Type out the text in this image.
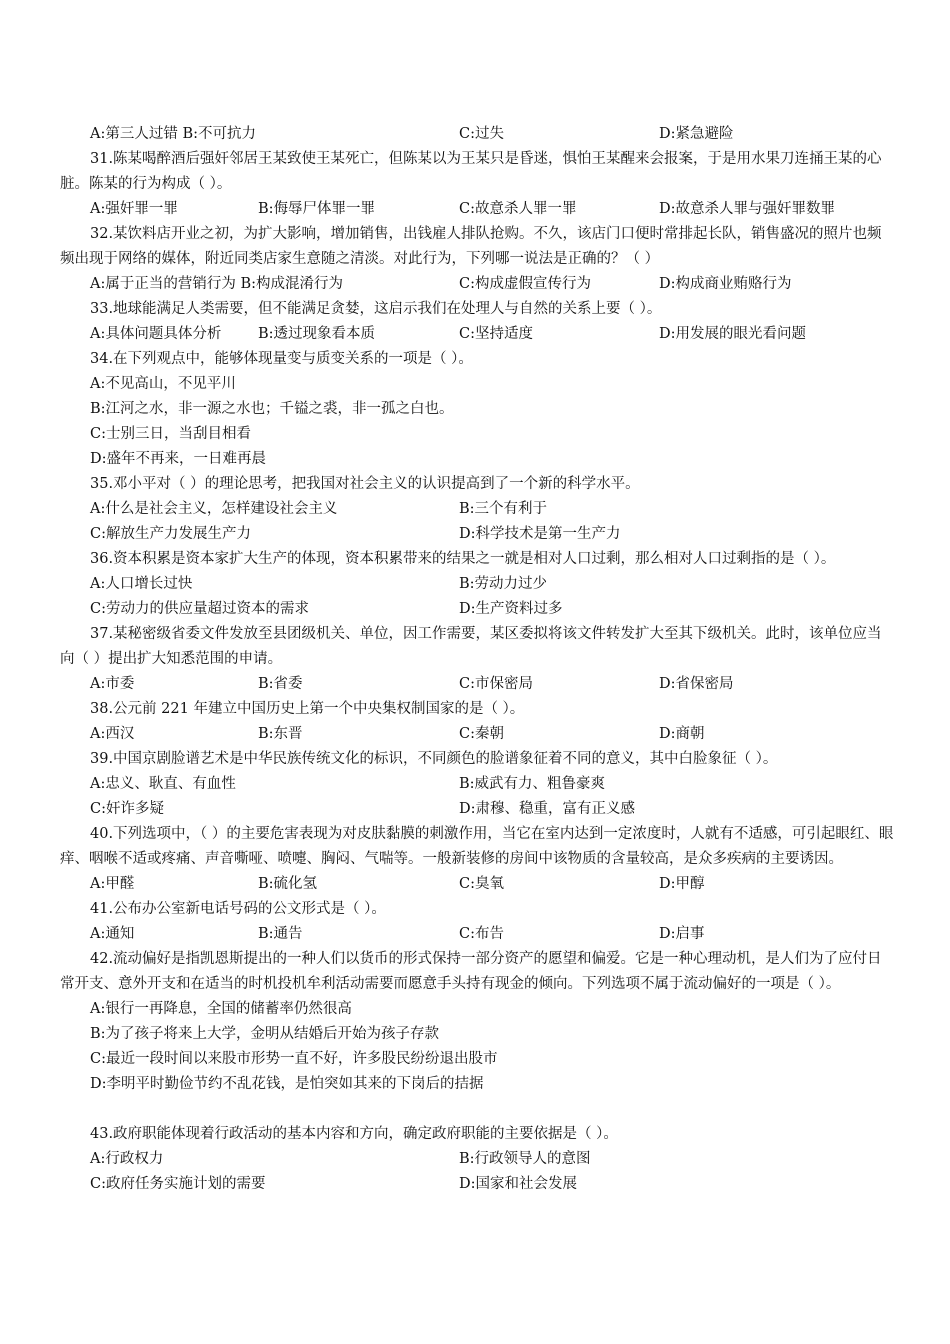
A:第三人过错 B:不可抗力	C:过失	D:紧急避险

31.陈某喝醉酒后强奸邻居王某致使王某死亡，但陈某以为王某只是昏迷，惧怕王某醒来会报案，于是用水果刀连捅王某的心脏。陈某的行为构成（ ）。

A:强奸罪一罪	B:侮辱尸体罪一罪	C:故意杀人罪一罪	D:故意杀人罪与强奸罪数罪

32.某饮料店开业之初，为扩大影响，增加销售，出钱雇人排队抢购。不久，该店门口便时常排起长队，销售盛况的照片也频频出现于网络的媒体，附近同类店家生意随之清淡。对此行为，下列哪一说法是正确的？（ ）

A:属于正当的营销行为 B:构成混淆行为	C:构成虚假宣传行为	D:构成商业贿赂行为

33.地球能满足人类需要，但不能满足贪婪，这启示我们在处理人与自然的关系上要（ ）。

A:具体问题具体分析	B:透过现象看本质	C:坚持适度	D:用发展的眼光看问题

34.在下列观点中，能够体现量变与质变关系的一项是（ ）。

A:不见高山，不见平川

B:江河之水，非一源之水也；千镒之裘，非一孤之白也。

C:士别三日，当刮目相看

D:盛年不再来，一日难再晨

35.邓小平对（ ）的理论思考，把我国对社会主义的认识提高到了一个新的科学水平。

A:什么是社会主义，怎样建设社会主义	B:三个有利于
C:解放生产力发展生产力	D:科学技术是第一生产力

36.资本积累是资本家扩大生产的体现，资本积累带来的结果之一就是相对人口过剩，那么相对人口过剩指的是（ ）。

A:人口增长过快	B:劳动力过少
C:劳动力的供应量超过资本的需求	D:生产资料过多

37.某秘密级省委文件发放至县团级机关、单位，因工作需要，某区委拟将该文件转发扩大至其下级机关。此时，该单位应当向（ ）提出扩大知悉范围的申请。

A:市委	B:省委	C:市保密局	D:省保密局

38.公元前 221 年建立中国历史上第一个中央集权制国家的是（ ）。

A:西汉	B:东晋	C:秦朝	D:商朝

39.中国京剧脸谱艺术是中华民族传统文化的标识，不同颜色的脸谱象征着不同的意义，其中白脸象征（ ）。

A:忠义、耿直、有血性	B:威武有力、粗鲁豪爽
C:奸诈多疑	D:肃穆、稳重，富有正义感

40.下列选项中，（ ）的主要危害表现为对皮肤黏膜的刺激作用，当它在室内达到一定浓度时，人就有不适感，可引起眼红、眼痒、咽喉不适或疼痛、声音嘶哑、喷嚏、胸闷、气喘等。一般新装修的房间中该物质的含量较高，是众多疾病的主要诱因。

A:甲醛	B:硫化氢	C:臭氧	D:甲醇

41.公布办公室新电话号码的公文形式是（ ）。

A:通知	B:通告	C:布告	D:启事

42.流动偏好是指凯恩斯提出的一种人们以货币的形式保持一部分资产的愿望和偏爱。它是一种心理动机，是人们为了应付日常开支、意外开支和在适当的时机投机牟利活动需要而愿意手头持有现金的倾向。下列选项不属于流动偏好的一项是（ ）。

A:银行一再降息，全国的储蓄率仍然很高

B:为了孩子将来上大学，金明从结婚后开始为孩子存款

C:最近一段时间以来股市形势一直不好，许多股民纷纷退出股市

D:李明平时勤俭节约不乱花钱，是怕突如其来的下岗后的拮据

43.政府职能体现着行政活动的基本内容和方向，确定政府职能的主要依据是（ ）。

A:行政权力	B:行政领导人的意图
C:政府任务实施计划的需要	D:国家和社会发展
